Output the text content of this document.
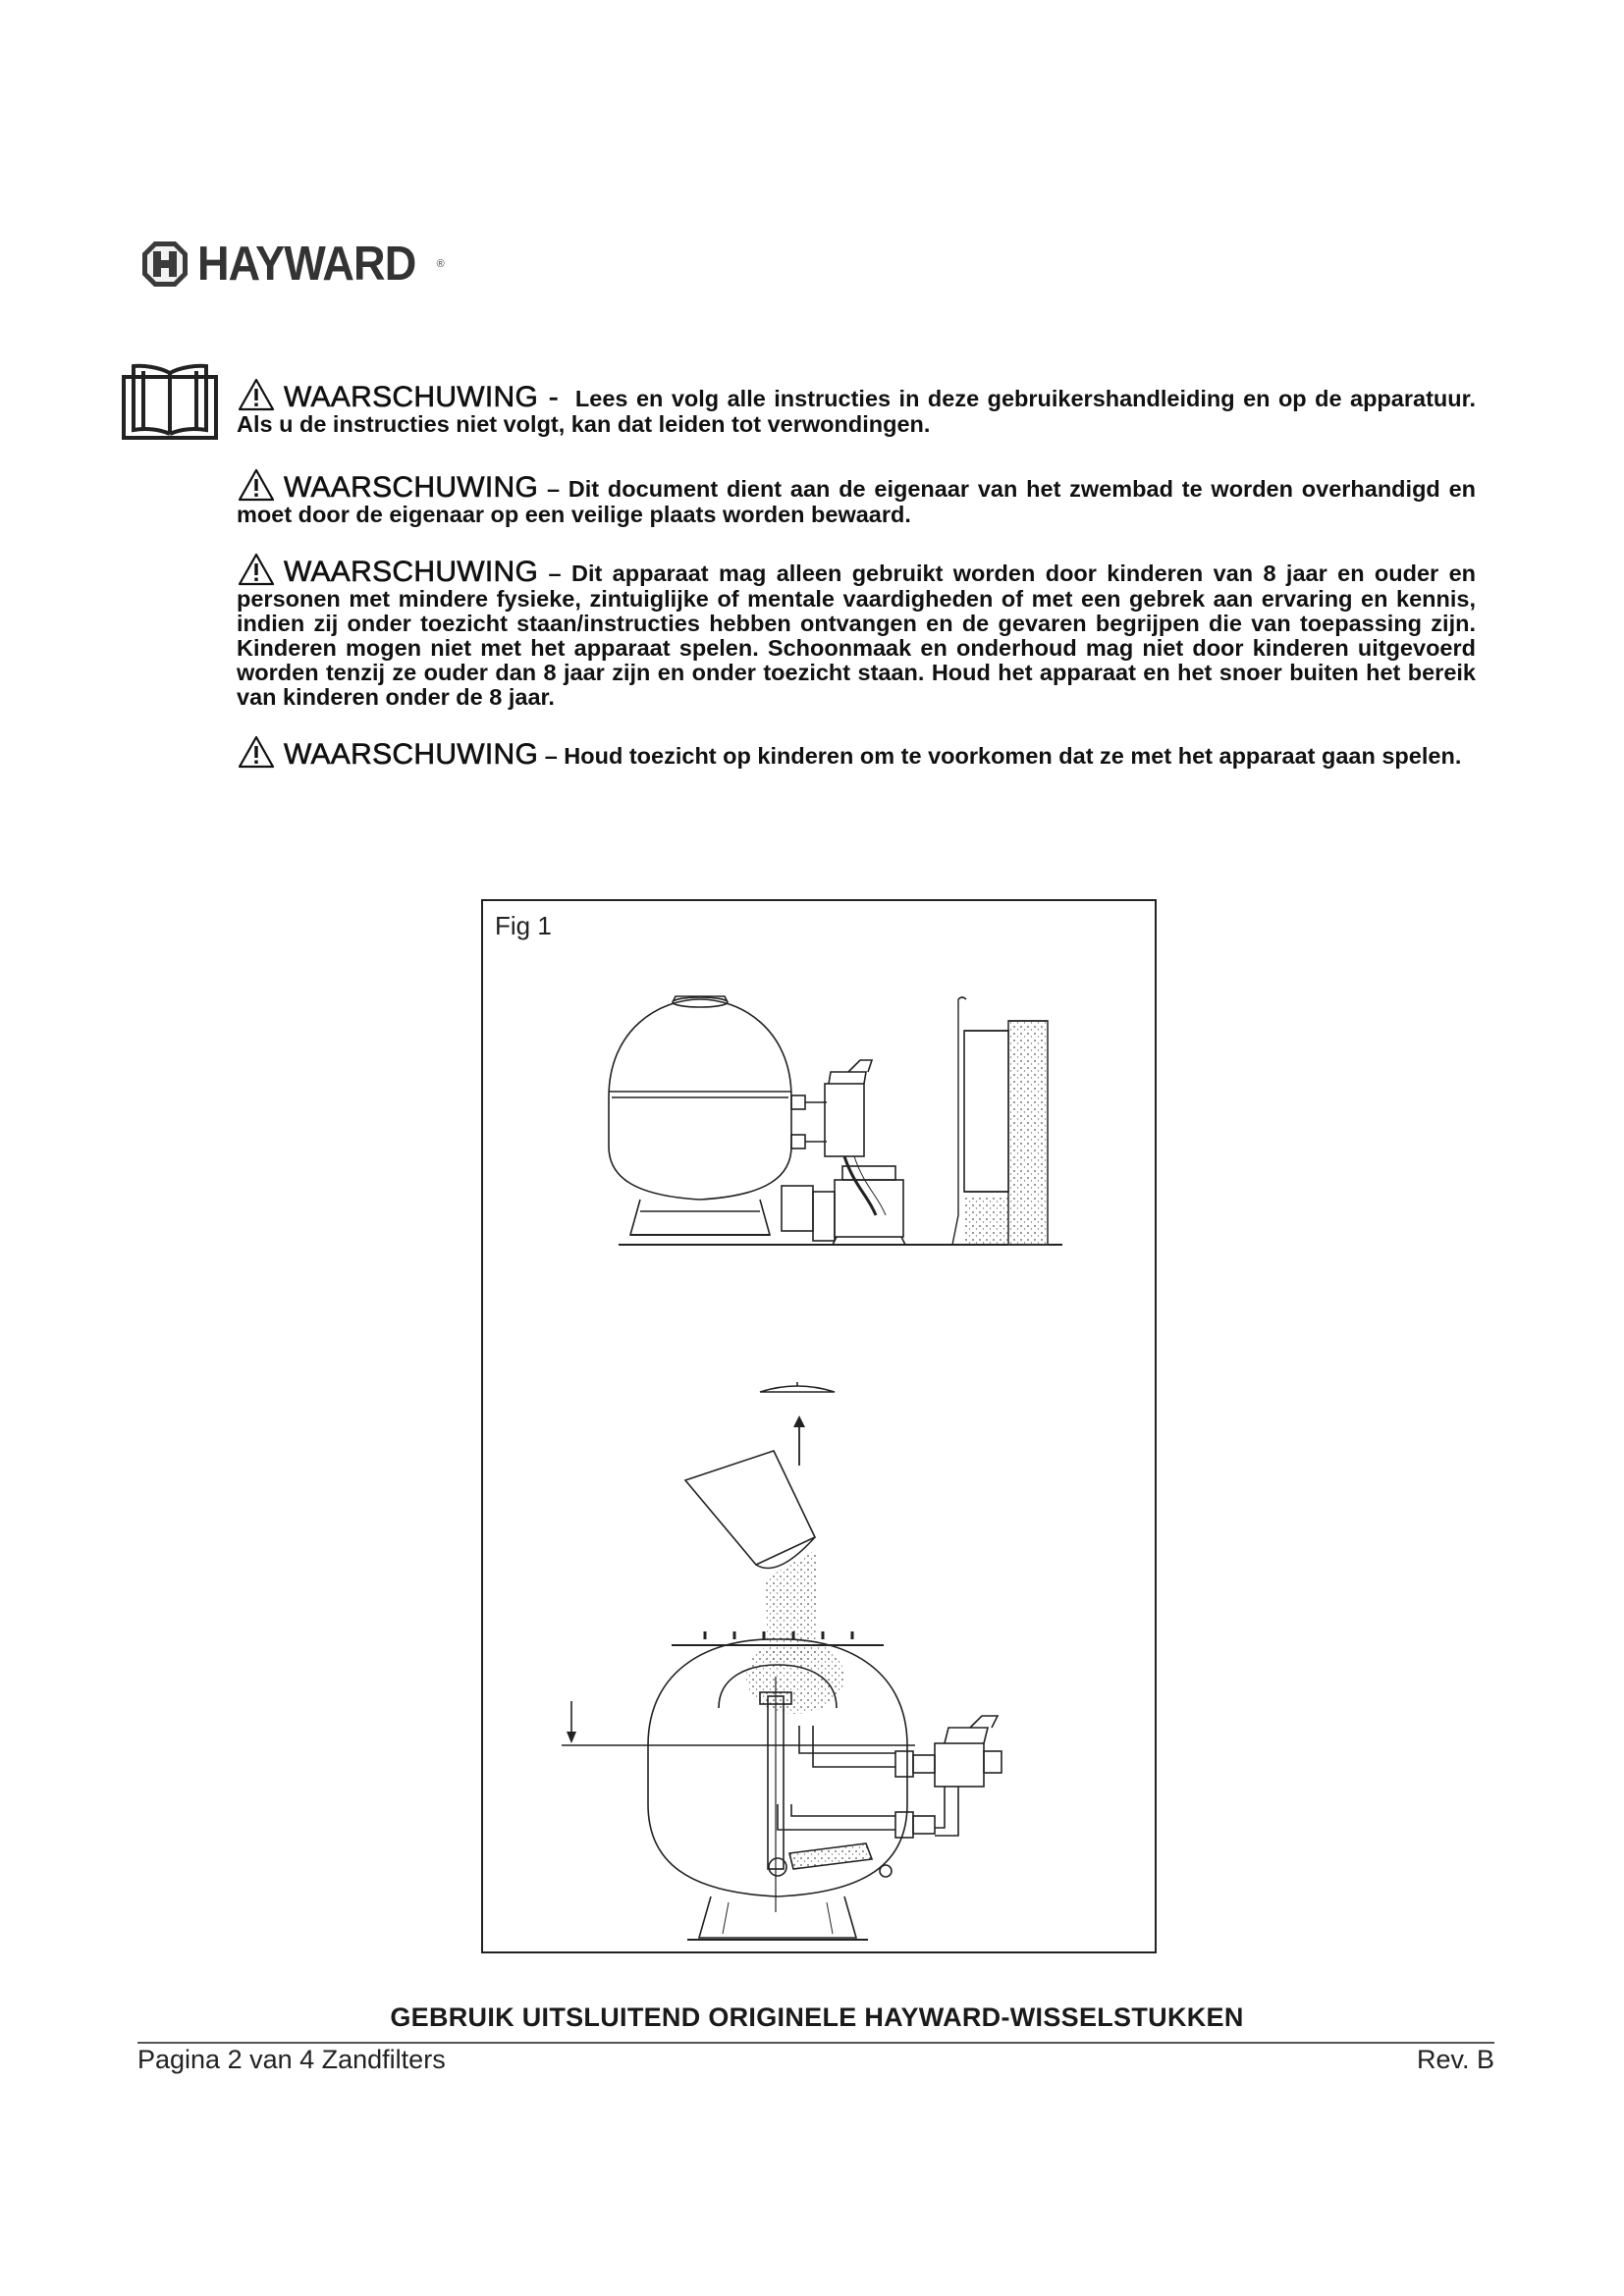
HAYWARD ®
WAARSCHUWING - Lees en volg alle instructies in deze gebruikershandleiding en op de apparatuur. Als u de instructies niet volgt, kan dat leiden tot verwondingen.
WAARSCHUWING – Dit document dient aan de eigenaar van het zwembad te worden overhandigd en moet door de eigenaar op een veilige plaats worden bewaard.
WAARSCHUWING – Dit apparaat mag alleen gebruikt worden door kinderen van 8 jaar en ouder en personen met mindere fysieke, zintuiglijke of mentale vaardigheden of met een gebrek aan ervaring en kennis, indien zij onder toezicht staan/instructies hebben ontvangen en de gevaren begrijpen die van toepassing zijn. Kinderen mogen niet met het apparaat spelen. Schoonmaak en onderhoud mag niet door kinderen uitgevoerd worden tenzij ze ouder dan 8 jaar zijn en onder toezicht staan. Houd het apparaat en het snoer buiten het bereik van kinderen onder de 8 jaar.
WAARSCHUWING – Houd toezicht op kinderen om te voorkomen dat ze met het apparaat gaan spelen.
Fig 1
GEBRUIK UITSLUITEND ORIGINELE HAYWARD-WISSELSTUKKEN
Pagina 2 van 4 Zandfilters	Rev. B
